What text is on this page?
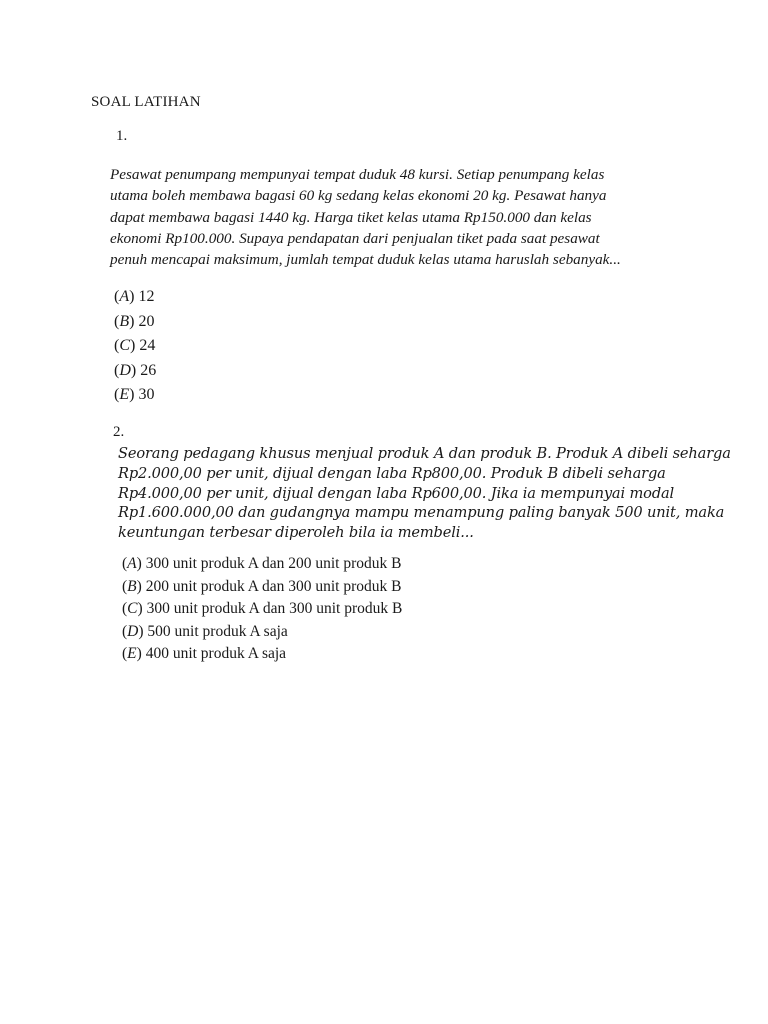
SOAL LATIHAN
1.

Pesawat penumpang mempunyai tempat duduk 48 kursi. Setiap penumpang kelas
utama boleh membawa bagasi 60 kg sedang kelas ekonomi 20 kg. Pesawat hanya
dapat membawa bagasi 1440 kg. Harga tiket kelas utama Rp150.000 dan kelas
ekonomi Rp100.000. Supaya pendapatan dari penjualan tiket pada saat pesawat
penuh mencapai maksimum, jumlah tempat duduk kelas utama haruslah sebanyak...

(A) 12
(B) 20
(C) 24
(D) 26
(E) 30
2.

Seorang pedagang khusus menjual produk A dan produk B. Produk A dibeli seharga
Rp2.000,00 per unit, dijual dengan laba Rp800,00. Produk B dibeli seharga
Rp4.000,00 per unit, dijual dengan laba Rp600,00. Jika ia mempunyai modal
Rp1.600.000,00 dan gudangnya mampu menampung paling banyak 500 unit, maka
keuntungan terbesar diperoleh bila ia membeli...

(A) 300 unit produk A dan 200 unit produk B
(B) 200 unit produk A dan 300 unit produk B
(C) 300 unit produk A dan 300 unit produk B
(D) 500 unit produk A saja
(E) 400 unit produk A saja
